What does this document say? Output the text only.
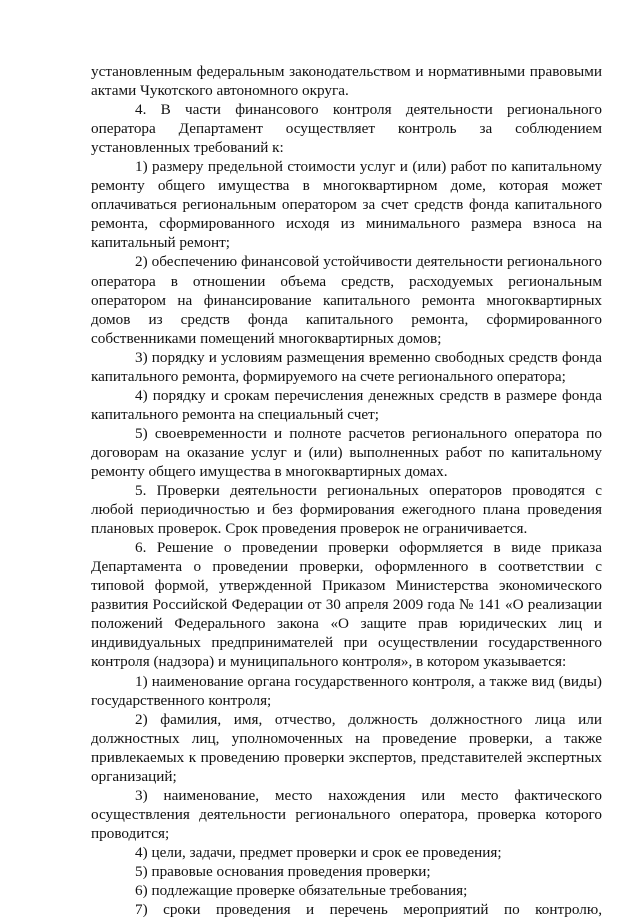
установленным федеральным законодательством и нормативными правовыми актами Чукотского автономного округа.

4. В части финансового контроля деятельности регионального оператора Департамент осуществляет контроль за соблюдением установленных требований к:

1) размеру предельной стоимости услуг и (или) работ по капитальному ремонту общего имущества в многоквартирном доме, которая может оплачиваться региональным оператором за счет средств фонда капитального ремонта, сформированного исходя из минимального размера взноса на капитальный ремонт;

2) обеспечению финансовой устойчивости деятельности регионального оператора в отношении объема средств, расходуемых региональным оператором на финансирование капитального ремонта многоквартирных домов из средств фонда капитального ремонта, сформированного собственниками помещений многоквартирных домов;

3) порядку и условиям размещения временно свободных средств фонда капитального ремонта, формируемого на счете регионального оператора;

4) порядку и срокам перечисления денежных средств в размере фонда капитального ремонта на специальный счет;

5) своевременности и полноте расчетов регионального оператора по договорам на оказание услуг и (или) выполненных работ по капитальному ремонту общего имущества в многоквартирных домах.

5. Проверки деятельности региональных операторов проводятся с любой периодичностью и без формирования ежегодного плана проведения плановых проверок. Срок проведения проверок не ограничивается.

6. Решение о проведении проверки оформляется в виде приказа Департамента о проведении проверки, оформленного в соответствии с типовой формой, утвержденной Приказом Министерства экономического развития Российской Федерации от 30 апреля 2009 года № 141 «О реализации положений Федерального закона «О защите прав юридических лиц и индивидуальных предпринимателей при осуществлении государственного контроля (надзора) и муниципального контроля», в котором указывается:

1) наименование органа государственного контроля, а также вид (виды) государственного контроля;

2) фамилия, имя, отчество, должность должностного лица или должностных лиц, уполномоченных на проведение проверки, а также привлекаемых к проведению проверки экспертов, представителей экспертных организаций;

3) наименование, место нахождения или место фактического осуществления деятельности регионального оператора, проверка которого проводится;

4) цели, задачи, предмет проверки и срок ее проведения;

5) правовые основания проведения проверки;

6) подлежащие проверке обязательные требования;

7) сроки проведения и перечень мероприятий по контролю,
